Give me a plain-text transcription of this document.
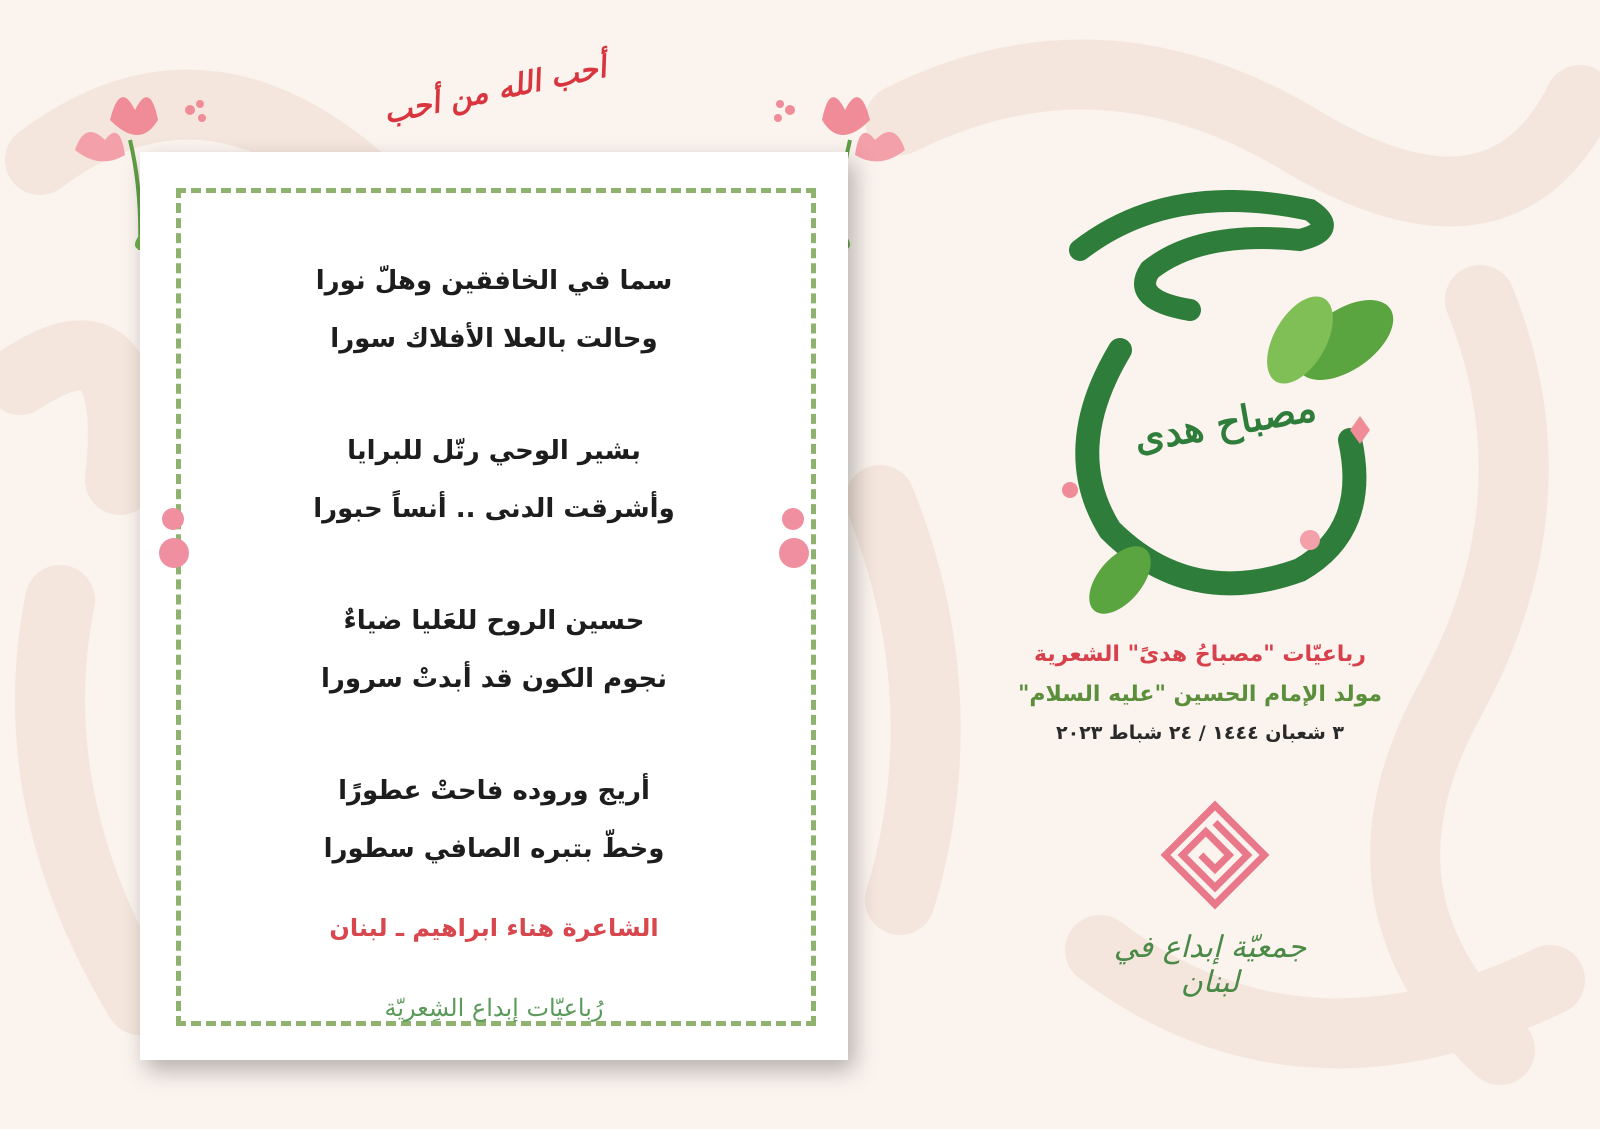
أحب الله من أحب
سما في الخافقين وهلّ نورا
وحالت بالعلا الأفلاك سورا
بشير الوحي رتّل للبرايا
وأشرقت الدنى .. أنساً حبورا
حسين الروح للعَليا ضياءٌ
نجوم الكون قد أبدتْ سرورا
أريج وروده فاحتْ عطورًا
وخطّ بتبره الصافي سطورا
الشاعرة هناء ابراهيم ـ لبنان
رُباعيّات إبداع الشِعريّة
مصباح هدى
رباعيّات "مصباحُ هدىً" الشعرية
مولد الإمام الحسين "عليه السلام"
٣ شعبان ١٤٤٤ / ٢٤ شباط ٢٠٢٣
جمعيّة إبداع في لبنان
